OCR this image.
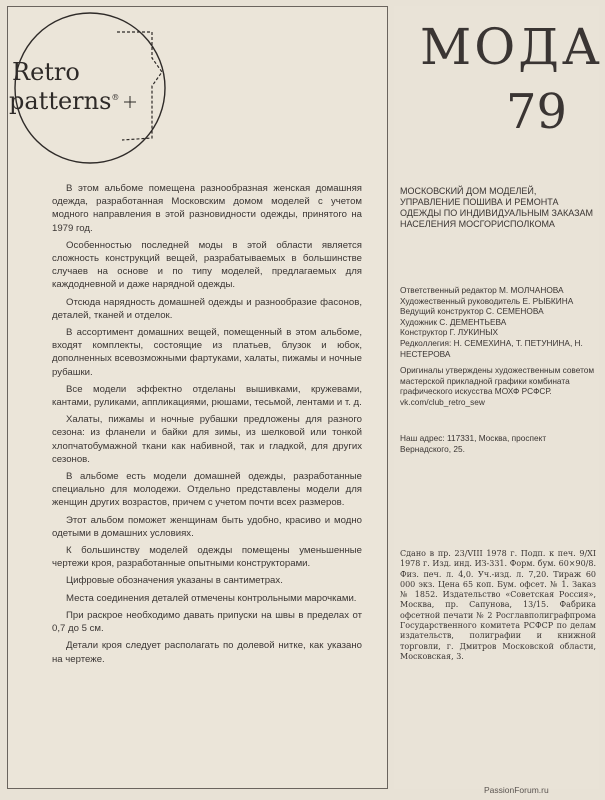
Retro
patterns®
МОДА
79

В этом альбоме помещена разнообразная женская домашняя одежда, разработанная Московским домом моделей с учетом модного направления в этой разновидности одежды, принятого на 1979 год.

Особенностью последней моды в этой области является сложность конструкций вещей, разрабатываемых в большинстве случаев на основе и по типу моделей, предлагаемых для каждодневной и даже нарядной одежды.

Отсюда нарядность домашней одежды и разнообразие фасонов, деталей, тканей и отделок.

В ассортимент домашних вещей, помещенный в этом альбоме, входят комплекты, состоящие из платьев, блузок и юбок, дополненных всевозможными фартуками, халаты, пижамы и ночные рубашки.

Все модели эффектно отделаны вышивками, кружевами, кантами, руликами, аппликациями, рюшами, тесьмой, лентами и т. д.

Халаты, пижамы и ночные рубашки предложены для разного сезона: из фланели и байки для зимы, из шелковой или тонкой хлопчатобумажной ткани как набивной, так и гладкой, для других сезонов.

В альбоме есть модели домашней одежды, разработанные специально для молодежи. Отдельно представлены модели для женщин других возрастов, причем с учетом почти всех размеров.

Этот альбом поможет женщинам быть удобно, красиво и модно одетыми в домашних условиях.

К большинству моделей одежды помещены уменьшенные чертежи кроя, разработанные опытными конструкторами.

Цифровые обозначения указаны в сантиметрах.

Места соединения деталей отмечены контрольными марочками.

При раскрое необходимо давать припуски на швы в пределах от 0,7 до 5 см.

Детали кроя следует располагать по долевой нитке, как указано на чертеже.

МОСКОВСКИЙ ДОМ МОДЕЛЕЙ, УПРАВЛЕНИЕ ПОШИВА И РЕМОНТА ОДЕЖДЫ ПО ИНДИВИДУАЛЬНЫМ ЗАКАЗАМ НАСЕЛЕНИЯ МОСГОРИСПОЛКОМА
Ответственный редактор М. МОЛЧАНОВА
Художественный руководитель Е. РЫБКИНА
Ведущий конструктор С. СЕМЕНОВА
Художник С. ДЕМЕНТЬЕВА
Конструктор Г. ЛУКИНЫХ
Редколлегия: Н. СЕМЕХИНА, Т. ПЕТУНИНА, Н. НЕСТЕРОВА
Оригиналы утверждены художественным советом мастерской прикладной графики комбината графического искусства МОХФ РСФСР.
vk.com/club_retro_sew
Наш адрес: 117331, Москва, проспект Вернадского, 25.
Сдано в пр. 23/VIII 1978 г. Подп. к печ. 9/XI 1978 г. Изд. инд. ИЗ-331. Форм. бум. 60×90/8. Физ. печ. л. 4,0. Уч.-изд. л. 7,20. Тираж 60 000 экз. Цена 65 коп. Бум. офсет. № 1. Заказ № 1852. Издательство «Советская Россия», Москва, пр. Сапунова, 13/15. Фабрика офсетной печати № 2 Росглавполиграфпрома Государственного комитета РСФСР по делам издательств, полиграфии и книжной торговли, г. Дмитров Московской области, Московская, 3.
PassionForum.ru
